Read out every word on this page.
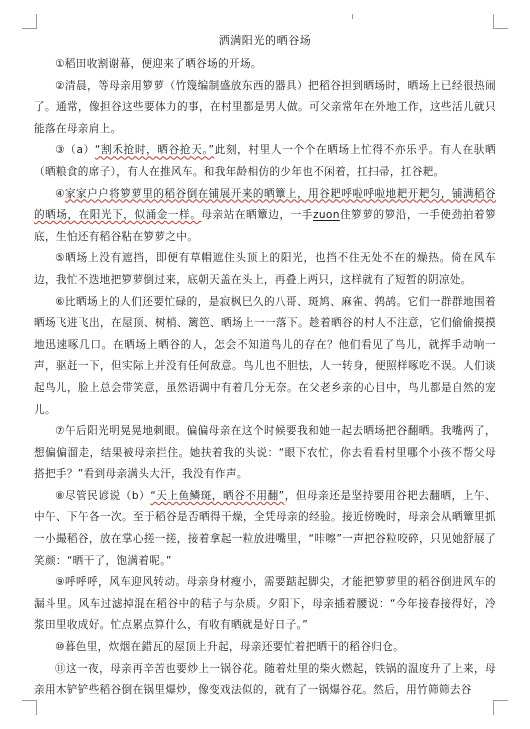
洒满阳光的晒谷场

①稻田收割谢幕，便迎来了晒谷场的开场。

②清晨，等母亲用箩萝（竹篾编制盛放东西的器具）把稻谷担到晒场时，晒场上已经很热闹了。通常，像担谷这些要体力的事，在村里都是男人做。可父亲常年在外地工作，这些活儿就只能落在母亲肩上。

③（a）“割禾抢时，晒谷抢天。”此刻，村里人一个个在晒场上忙得不亦乐乎。有人在驮晒（晒粮食的席子），有人在推风车。和我年龄相仿的少年也不闲着，扛扫帚，扛谷耙。

④家家户户将箩萝里的稻谷倒在铺展开来的晒簟上，用谷耙呼啦呼啦地耙开耙匀，铺满稻谷的晒场，在阳光下，似涌金一样。母亲站在晒簟边，一手zuon住箩萝的箩沿，一手使劲拍着箩底，生怕还有稻谷粘在箩萝之中。

⑤晒场上没有遮挡，即便有草帽遮住头顶上的阳光，也挡不住无处不在的燥热。倚在风车边，我忙不迭地把箩萝倒过来，底朝天盖在头上，再叠上两只，这样就有了短暂的阴凉处。

⑥比晒场上的人们还要忙碌的，是寂枫巳久的八哥、斑鸠、麻雀、鹁鸪。它们一群群地围着晒场飞进飞出，在屋顶、树梢、篱笆、晒场上一一落下。趁着晒谷的村人不注意，它们偷偷摸摸地迅速啄几口。在晒场上晒谷的人，怎会不知道鸟儿的存在？他们看见了鸟儿，就挥手动响一声，驱赶一下，但实际上并没有任何敌意。鸟儿也不胆怯，人一转身，便照样啄吃不误。人们谈起鸟儿，脸上总会带笑意，虽然语调中有着几分无奈。在父老乡亲的心目中，鸟儿都是自然的宠儿。

⑦午后阳光明晃晃地刺眼。偏偏母亲在这个时候要我和她一起去晒场把谷翻晒。我嘴两了，想偏偏溜走，结果被母亲拦住。她扶着我的头说：“眼下农忙，你去看看村里哪个小孩不帮父母搭把手？”看到母亲满头大汗，我没有作声。

⑧尽管民谚说（b）“天上鱼鳞斑，晒谷不用翻”，但母亲还是坚持要用谷耙去翻晒，上午、中午、下午各一次。至于稻谷是否晒得干燥，全凭母亲的经验。接近傍晚时，母亲会从晒簟里抓一小撮稻谷，放在掌心搓一搓，接着拿起一粒放进嘴里，“咔嚓”一声把谷粒咬碎，只见她舒展了笑颜：“晒干了，饱满着呢。”

⑨呼呼呼，风车迎风转动。母亲身材瘦小，需要踮起脚尖，才能把箩萝里的稻谷倒进风车的漏斗里。风车过滤掉混在稻谷中的秸子与杂质。夕阳下，母亲插着腰说：“今年接春接得好，冷浆田里收成好。忙点累点算什么，有收有晒就是好日子。”

⑩暮色里，炊烟在錯瓦的屋顶上升起，母亲还要忙着把晒干的稻谷归仓。

⑪这一夜，母亲再辛苦也要炒上一锅谷花。随着灶里的柴火燃起，铁锅的温度升了上来，母亲用木铲铲些稻谷倒在锅里爆炒，像变戏法似的，就有了一锅爆谷花。然后，用竹筛筛去谷
